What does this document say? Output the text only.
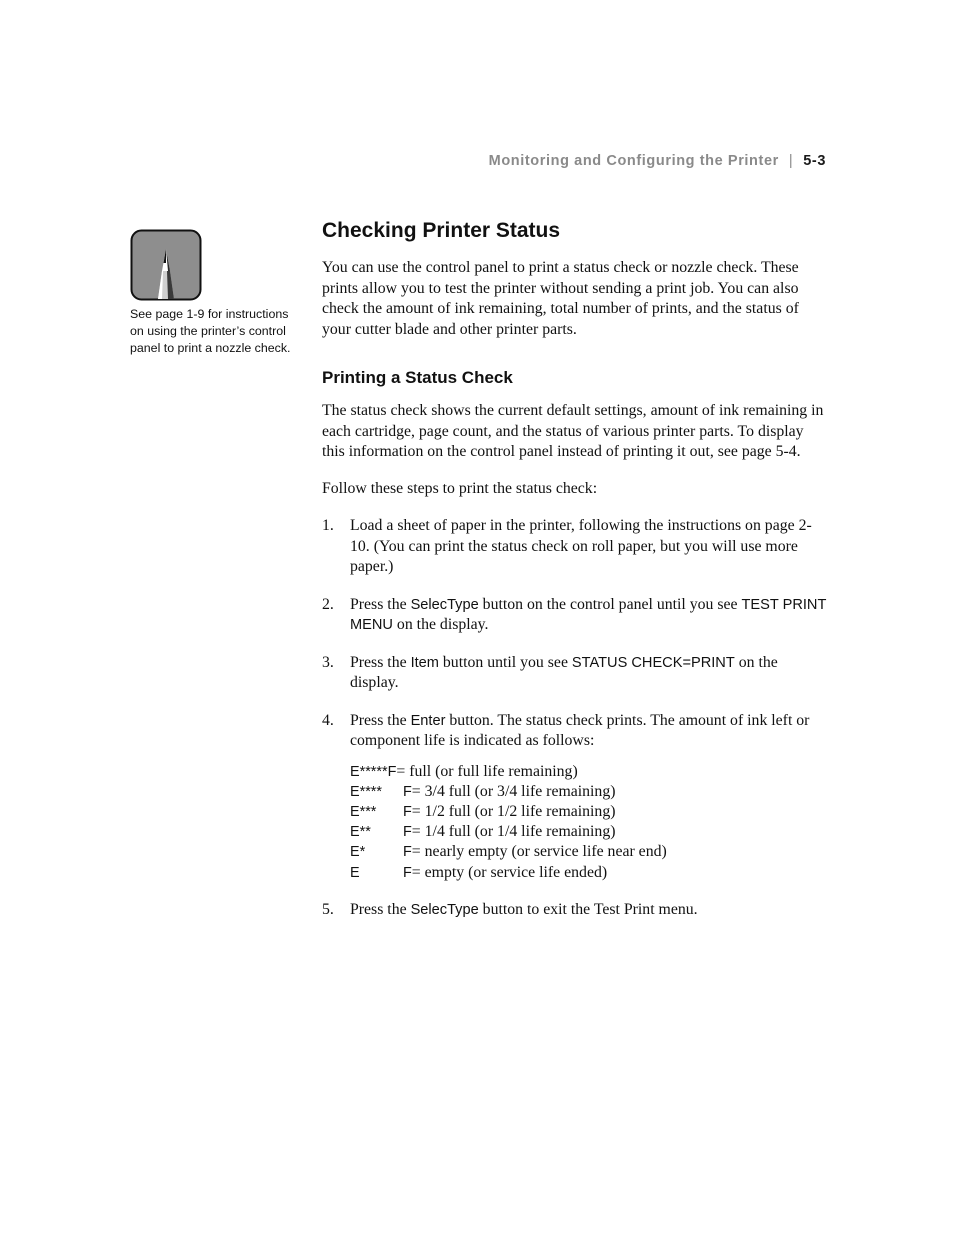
Monitoring and Configuring the Printer | 5-3
See page 1-9 for instructions on using the printer’s control panel to print a nozzle check.
Checking Printer Status

You can use the control panel to print a status check or nozzle check. These prints allow you to test the printer without sending a print job. You can also check the amount of ink remaining, total number of prints, and the status of your cutter blade and other printer parts.

Printing a Status Check

The status check shows the current default settings, amount of ink remaining in each cartridge, page count, and the status of various printer parts. To display this information on the control panel instead of printing it out, see page 5-4.

Follow these steps to print the status check:

1. Load a sheet of paper in the printer, following the instructions on page 2-10. (You can print the status check on roll paper, but you will use more paper.)

2. Press the SelecType button on the control panel until you see TEST PRINT MENU on the display.

3. Press the Item button until you see STATUS CHECK=PRINT on the display.

4. Press the Enter button. The status check prints. The amount of ink left or component life is indicated as follows:

E***** F = full (or full life remaining)
E****	F = 3/4 full (or 3/4 life remaining)
E***	F = 1/2 full (or 1/2 life remaining)
E**	F = 1/4 full (or 1/4 life remaining)
E*	F = nearly empty (or service life near end)
E	F = empty (or service life ended)

5. Press the SelecType button to exit the Test Print menu.
